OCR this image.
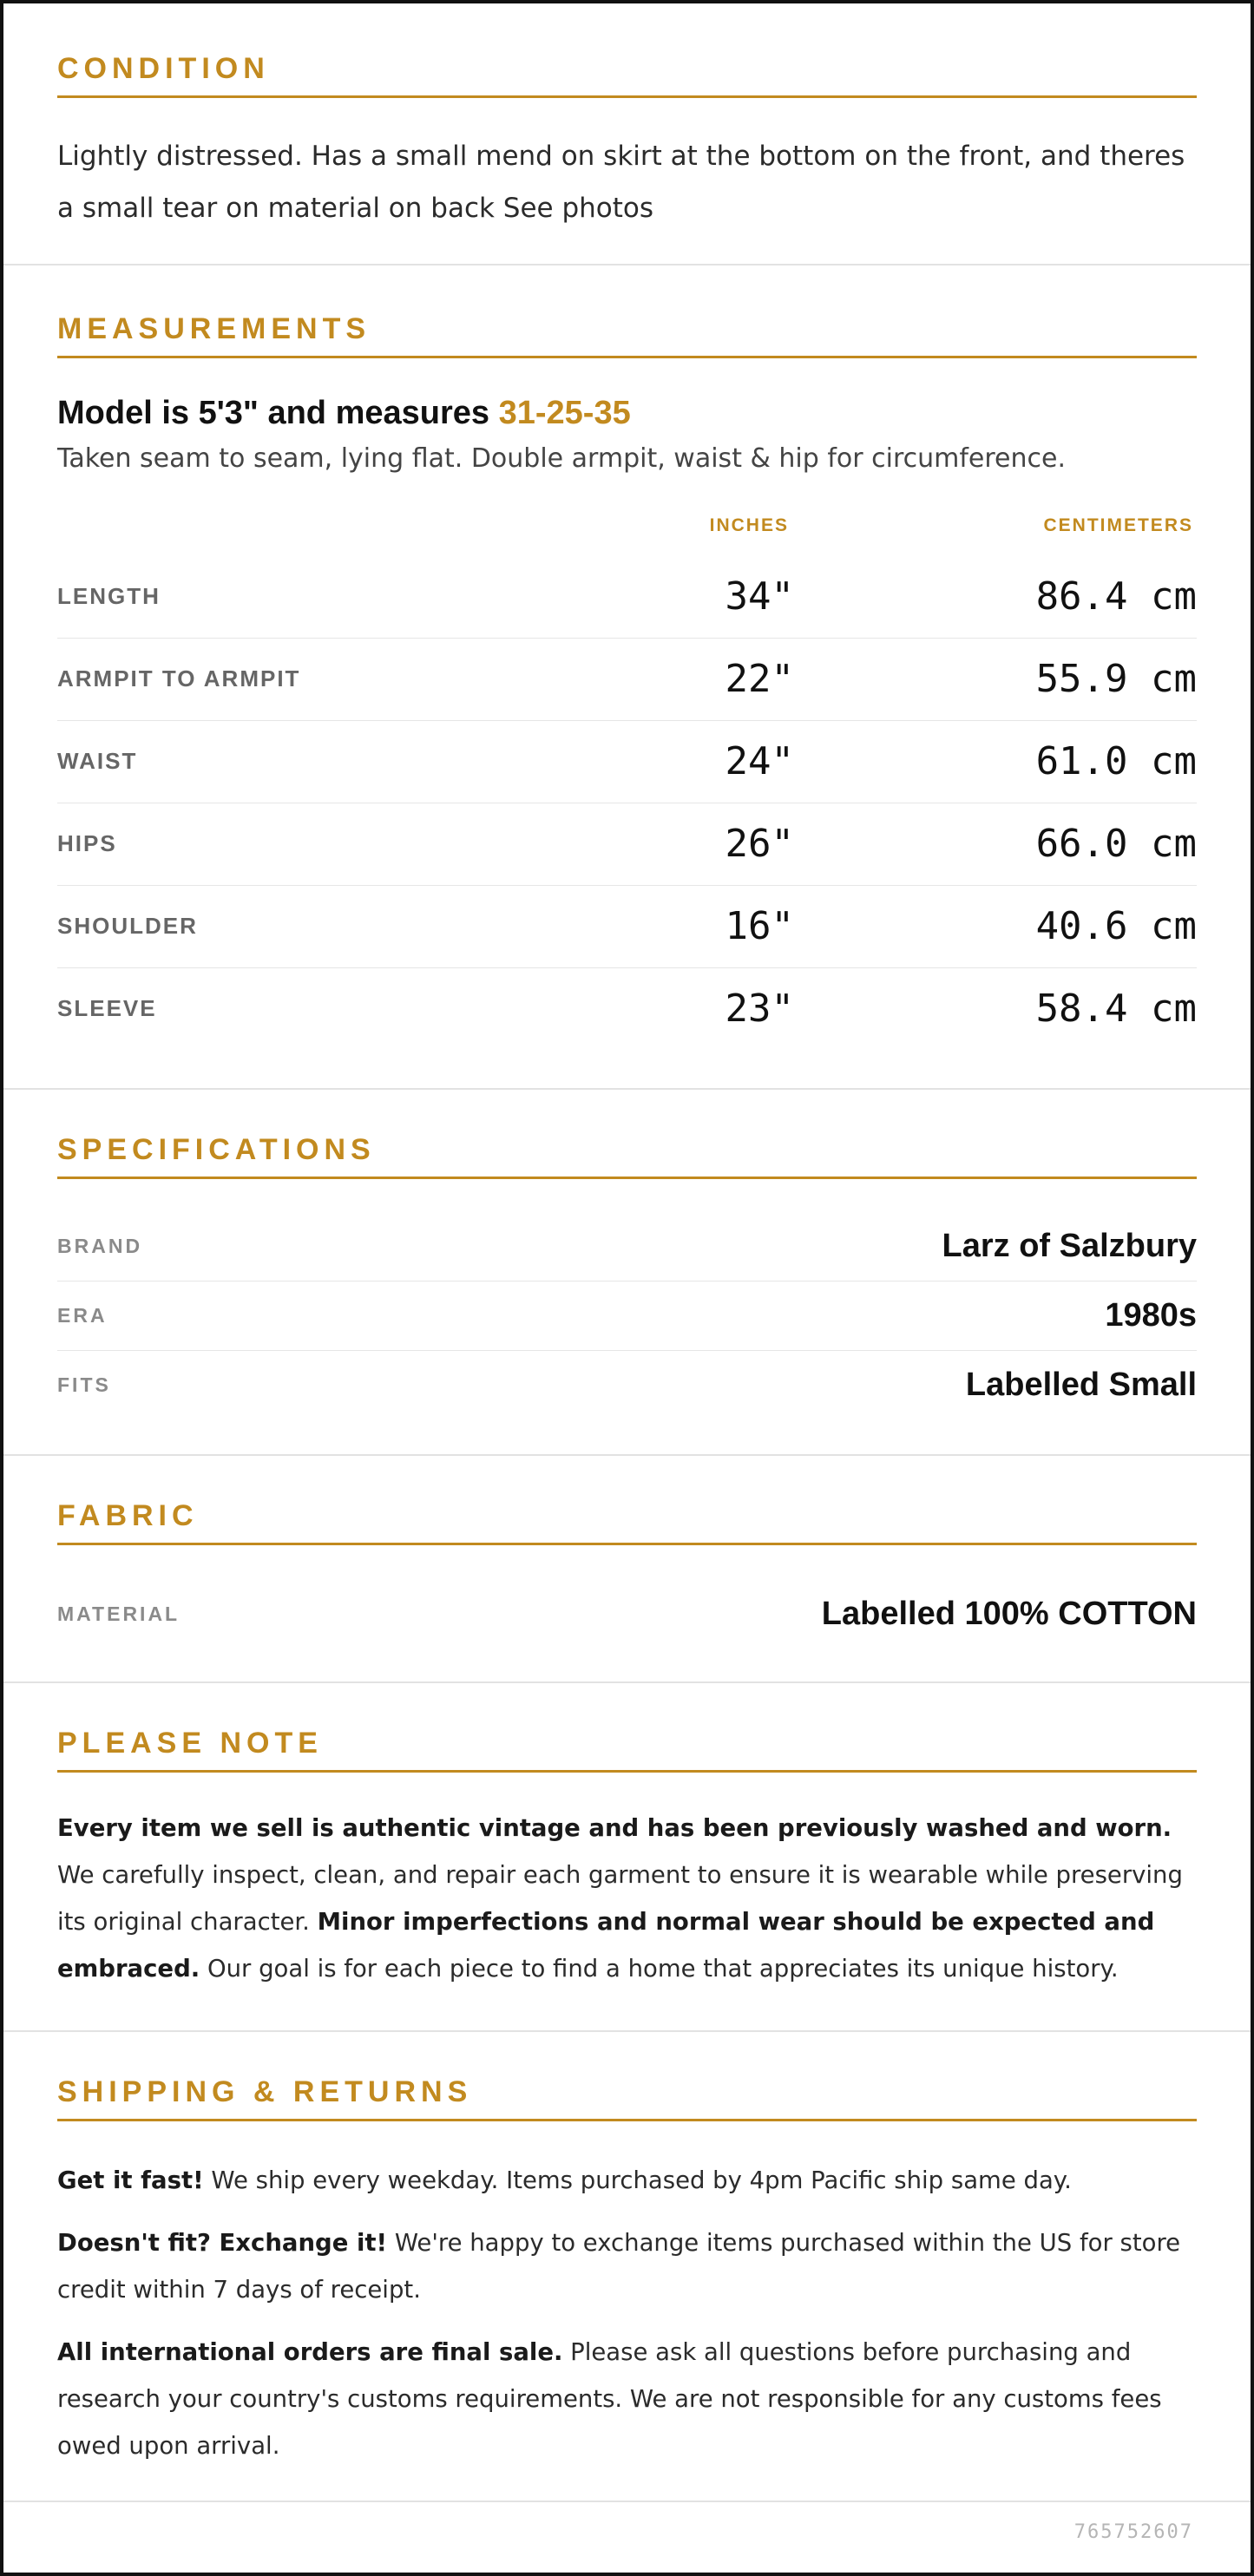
CONDITION
Lightly distressed. Has a small mend on skirt at the bottom on the front, and theres a small tear on material on back See photos
MEASUREMENTS
Model is 5'3" and measures 31-25-35
Taken seam to seam, lying flat. Double armpit, waist & hip for circumference.
INCHES	CENTIMETERS
LENGTH	34"	86.4 cm
ARMPIT TO ARMPIT	22"	55.9 cm
WAIST	24"	61.0 cm
HIPS	26"	66.0 cm
SHOULDER	16"	40.6 cm
SLEEVE	23"	58.4 cm
SPECIFICATIONS
BRAND	Larz of Salzbury
ERA	1980s
FITS	Labelled Small
FABRIC
MATERIAL	Labelled 100% COTTON
PLEASE NOTE
Every item we sell is authentic vintage and has been previously washed and worn. We carefully inspect, clean, and repair each garment to ensure it is wearable while preserving its original character. Minor imperfections and normal wear should be expected and embraced. Our goal is for each piece to find a home that appreciates its unique history.
SHIPPING & RETURNS
Get it fast! We ship every weekday. Items purchased by 4pm Pacific ship same day.
Doesn't fit? Exchange it! We're happy to exchange items purchased within the US for store credit within 7 days of receipt.
All international orders are final sale. Please ask all questions before purchasing and research your country's customs requirements. We are not responsible for any customs fees owed upon arrival.
765752607
